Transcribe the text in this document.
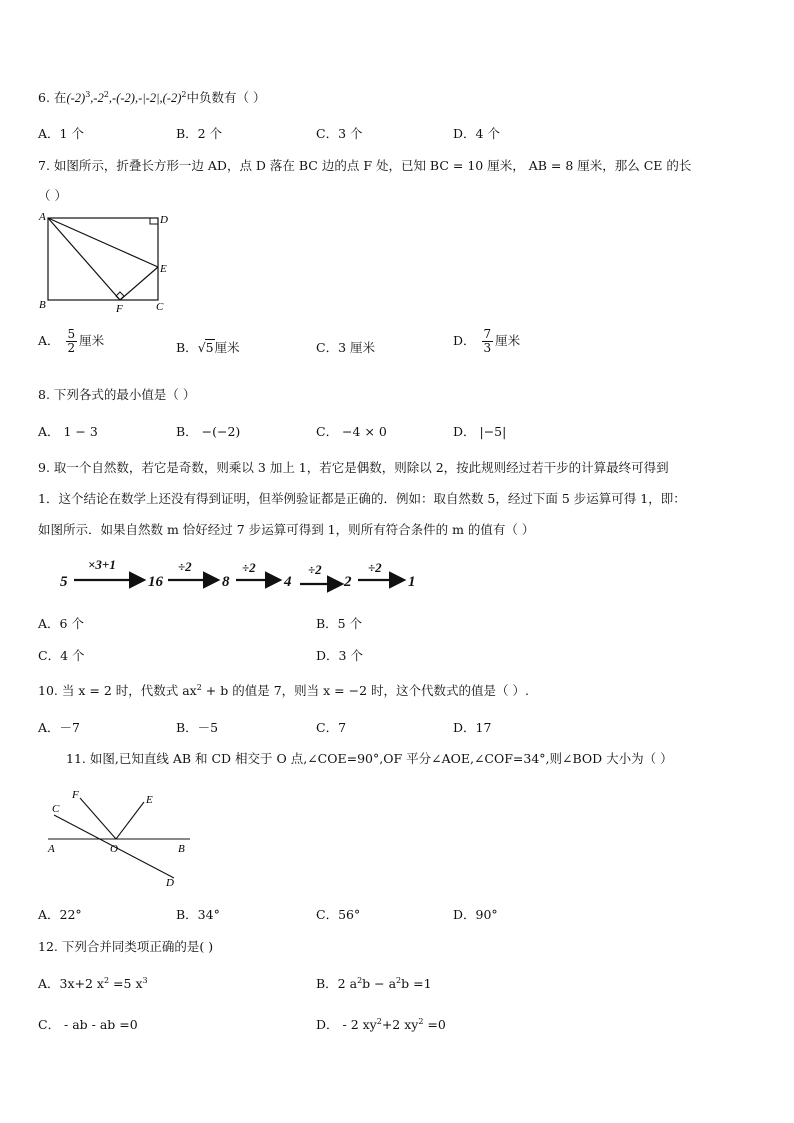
6. 在$(-2)^3,-2^2,-(-2),-|-2|,(-2)^2$中负数有（ ）
A．1 个	B．2 个	C．3 个	D．4 个
7. 如图所示，折叠长方形一边 AD，点 D 落在 BC 边的点 F 处，已知 BC = 10 厘米， AB = 8 厘米，那么 CE 的长
（ ）
A	D
E
B	F	C
A． $\frac{5}{2}$ 厘米	B．√5厘米	C．3 厘米	D． $\frac{7}{3}$ 厘米
8. 下列各式的最小值是（ ）
A． 1 − 3	B． −(−2)	C． −4 × 0	D． |−5|
9. 取一个自然数，若它是奇数，则乘以 3 加上 1，若它是偶数，则除以 2，按此规则经过若干步的计算最终可得到
1．这个结论在数学上还没有得到证明，但举例验证都是正确的．例如：取自然数 5，经过下面 5 步运算可得 1，即：
如图所示．如果自然数 m 恰好经过 7 步运算可得到 1，则所有符合条件的 m 的值有（ ）
5	16	8	4	2	1
×3+1	÷2	÷2	÷2	÷2
A．6 个	B．5 个
C．4 个	D．3 个
10. 当 x = 2 时，代数式 $ax^2 + b$ 的值是 7，则当 x = −2 时，这个代数式的值是（ ）.
A．－7	B．－5	C．7	D．17
11. 如图,已知直线 AB 和 CD 相交于 O 点,∠COE=90°,OF 平分∠AOE,∠COF=34°,则∠BOD 大小为（ ）
C
F	E
A	O	B
D
A．22°	B．34°	C．56°	D．90°
12. 下列合并同类项正确的是( )
A．3x+2 $x^2 =5$ $x^3$	B．2 $a^2b - a^2b =1$
C． - ab - ab =0	D． - 2 $xy^2+2$ $xy^2 =0$
